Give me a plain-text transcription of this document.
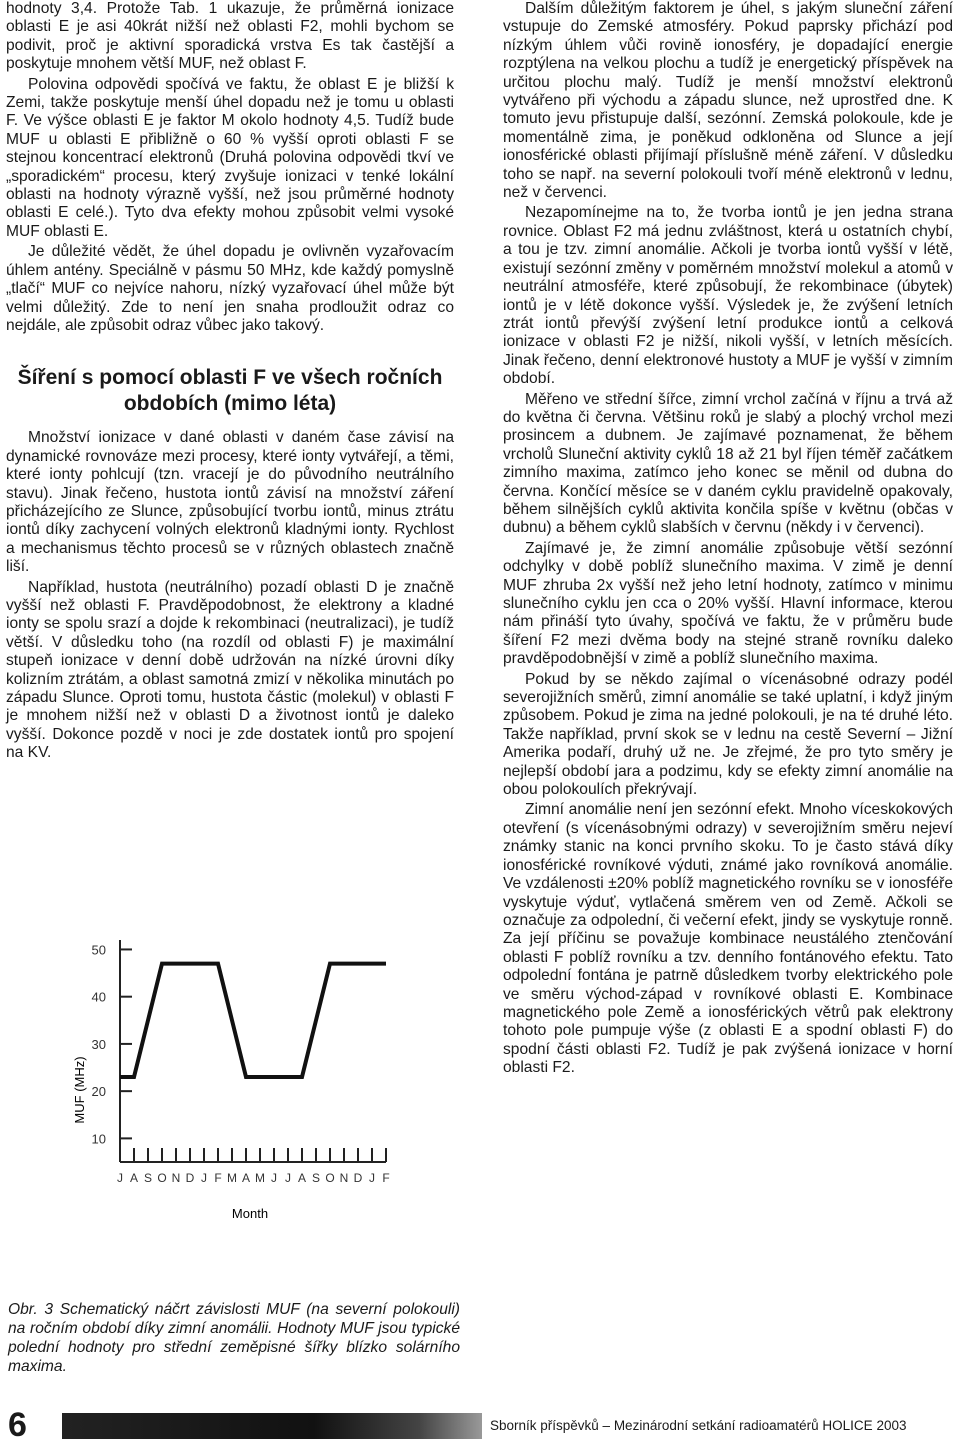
hodnoty 3,4. Protože Tab. 1 ukazuje, že průměrná ionizace oblasti E je asi 40krát nižší než oblasti F2, mohli bychom se podivit, proč je aktivní sporadická vrstva Es tak častější a poskytuje mnohem větší MUF, než oblast F.

Polovina odpovědi spočívá ve faktu, že oblast E je bližší k Zemi, takže poskytuje menší úhel dopadu než je tomu u oblasti F. Ve výšce oblasti E je faktor M okolo hodnoty 4,5. Tudíž bude MUF u oblasti E přibližně o 60 % vyšší oproti oblasti F se stejnou koncentrací elektronů (Druhá polovina odpovědi tkví ve „sporadickém“ procesu, který zvyšuje ionizaci v tenké lokální oblasti na hodnoty výrazně vyšší, než jsou průměrné hodnoty oblasti E celé.). Tyto dva efekty mohou způsobit velmi vysoké MUF oblasti E.

Je důležité vědět, že úhel dopadu je ovlivněn vyzařovacím úhlem antény. Speciálně v pásmu 50 MHz, kde každý pomyslně „tlačí“ MUF co nejvíce nahoru, nízký vyzařovací úhel může být velmi důležitý. Zde to není jen snaha prodloužit odraz co nejdále, ale způsobit odraz vůbec jako takový.

Šíření s pomocí oblasti F ve všech ročních obdobích (mimo léta)

Množství ionizace v dané oblasti v daném čase závisí na dynamické rovnováze mezi procesy, které ionty vytvářejí, a těmi, které ionty pohlcují (tzn. vracejí je do původního neutrálního stavu). Jinak řečeno, hustota iontů závisí na množství záření přicházejícího ze Slunce, způsobující tvorbu iontů, minus ztrátu iontů díky zachycení volných elektronů kladnými ionty. Rychlost a mechanismus těchto procesů se v různých oblastech značně liší.

Například, hustota (neutrálního) pozadí oblasti D je značně vyšší než oblasti F. Pravděpodobnost, že elektrony a kladné ionty se spolu srazí a dojde k rekombinaci (neutralizaci), je tudíž větší. V důsledku toho (na rozdíl od oblasti F) je maximální stupeň ionizace v denní době udržován na nízké úrovni díky kolizním ztrátám, a oblast samotná zmizí v několika minutách po západu Slunce. Oproti tomu, hustota částic (molekul) v oblasti F je mnohem nižší než v oblasti D a životnost iontů je daleko vyšší. Dokonce pozdě v noci je zde dostatek iontů pro spojení na KV.

10
20
30
40
50
J A S O N D J F M A M J J A S O N D J F
MUF (MHz)
Month
Obr. 3 Schematický náčrt závislosti MUF (na severní polokouli) na ročním období díky zimní anomálii. Hodnoty MUF jsou typické polední hodnoty pro střední zeměpisné šířky blízko solárního maxima.

Dalším důležitým faktorem je úhel, s jakým sluneční záření vstupuje do Zemské atmosféry. Pokud paprsky přichází pod nízkým úhlem vůči rovině ionosféry, je dopadající energie rozptýlena na velkou plochu a tudíž je energetický příspěvek na určitou plochu malý. Tudíž je menší množství elektronů vytvářeno při východu a západu slunce, než uprostřed dne. K tomuto jevu přistupuje další, sezónní. Zemská polokoule, kde je momentálně zima, je poněkud odkloněna od Slunce a její ionosférické oblasti přijímají příslušně méně záření. V důsledku toho se např. na severní polokouli tvoří méně elektronů v lednu, než v červenci.

Nezapomínejme na to, že tvorba iontů je jen jedna strana rovnice. Oblast F2 má jednu zvláštnost, která u ostatních chybí, a tou je tzv. zimní anomálie. Ačkoli je tvorba iontů vyšší v létě, existují sezónní změny v poměrném množství molekul a atomů v neutrální atmosféře, které způsobují, že rekombinace (úbytek) iontů je v létě dokonce vyšší. Výsledek je, že zvýšení letních ztrát iontů převýší zvýšení letní produkce iontů a celková ionizace v oblasti F2 je nižší, nikoli vyšší, v letních měsících. Jinak řečeno, denní elektronové hustoty a MUF je vyšší v zimním období.

Měřeno ve střední šířce, zimní vrchol začíná v říjnu a trvá až do května či června. Většinu roků je slabý a plochý vrchol mezi prosincem a dubnem. Je zajímavé poznamenat, že během vrcholů Sluneční aktivity cyklů 18 až 21 byl říjen téměř začátkem zimního maxima, zatímco jeho konec se měnil od dubna do června. Končící měsíce se v daném cyklu pravidelně opakovaly, během silnějších cyklů aktivita končila spíše v květnu (občas v dubnu) a během cyklů slabších v červnu (někdy i v červenci).

Zajímavé je, že zimní anomálie způsobuje větší sezónní odchylky v době poblíž slunečního maxima. V zimě je denní MUF zhruba 2x vyšší než jeho letní hodnoty, zatímco v minimu slunečního cyklu jen cca o 20% vyšší. Hlavní informace, kterou nám přináší tyto úvahy, spočívá ve faktu, že v průměru bude šíření F2 mezi dvěma body na stejné straně rovníku daleko pravděpodobnější v zimě a poblíž slunečního maxima.

Pokud by se někdo zajímal o vícenásobné odrazy podél severojižních směrů, zimní anomálie se také uplatní, i když jiným způsobem. Pokud je zima na jedné polokouli, je na té druhé léto. Takže například, první skok se v lednu na cestě Severní – Jižní Amerika podaří, druhý už ne. Je zřejmé, že pro tyto směry je nejlepší období jara a podzimu, kdy se efekty zimní anomálie na obou polokoulích překrývají.

Zimní anomálie není jen sezónní efekt. Mnoho víceskokových otevření (s vícenásobnými odrazy) v severojižním směru nejeví známky stanic na konci prvního skoku. To je často stává díky ionosférické rovníkové výduti, známé jako rovníková anomálie. Ve vzdálenosti ±20% poblíž magnetického rovníku se v ionosféře vyskytuje výduť, vytlačená směrem ven od Země. Ačkoli se označuje za odpolední, či večerní efekt, jindy se vyskytuje ronně. Za její příčinu se považuje kombinace neustálého ztenčování oblasti F poblíž rovníku a tzv. denního fontánového efektu. Tato odpolední fontána je patrně důsledkem tvorby elektrického pole ve směru východ-západ v rovníkové oblasti E. Kombinace magnetického pole Země a ionosférických větrů pak elektrony tohoto pole pumpuje výše (z oblasti E a spodní oblasti F) do spodní části oblasti F2. Tudíž je pak zvýšená ionizace v horní oblasti F2.

6	Sborník příspěvků – Mezinárodní setkání radioamatérů HOLICE 2003
